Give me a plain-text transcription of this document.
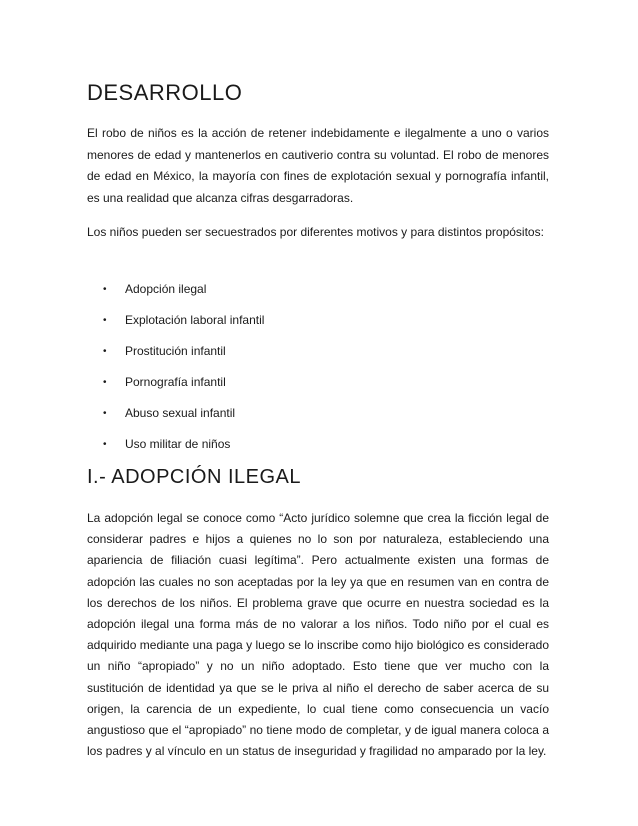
DESARROLLO

El robo de niños es la acción de retener indebidamente e ilegalmente a uno o varios menores de edad y mantenerlos en cautiverio contra su voluntad. El robo de menores de edad en México, la mayoría con fines de explotación sexual y pornografía infantil, es una realidad que alcanza cifras desgarradoras.

Los niños pueden ser secuestrados por diferentes motivos y para distintos propósitos:

• Adopción ilegal
• Explotación laboral infantil
• Prostitución infantil
• Pornografía infantil
• Abuso sexual infantil
• Uso militar de niños
I.- ADOPCIÓN ILEGAL

La adopción legal se conoce como “Acto jurídico solemne que crea la ficción legal de considerar padres e hijos a quienes no lo son por naturaleza, estableciendo una apariencia de filiación cuasi legítima”. Pero actualmente existen una formas de adopción las cuales no son aceptadas por la ley ya que en resumen van en contra de los derechos de los niños. El problema grave que ocurre en nuestra sociedad es la adopción ilegal una forma más de no valorar a los niños. Todo niño por el cual es adquirido mediante una paga y luego se lo inscribe como hijo biológico es considerado un niño “apropiado” y no un niño adoptado. Esto tiene que ver mucho con la sustitución de identidad ya que se le priva al niño el derecho de saber acerca de su origen, la carencia de un expediente, lo cual tiene como consecuencia un vacío angustioso que el “apropiado” no tiene modo de completar, y de igual manera coloca a los padres y al vínculo en un status de inseguridad y fragilidad no amparado por la ley.
